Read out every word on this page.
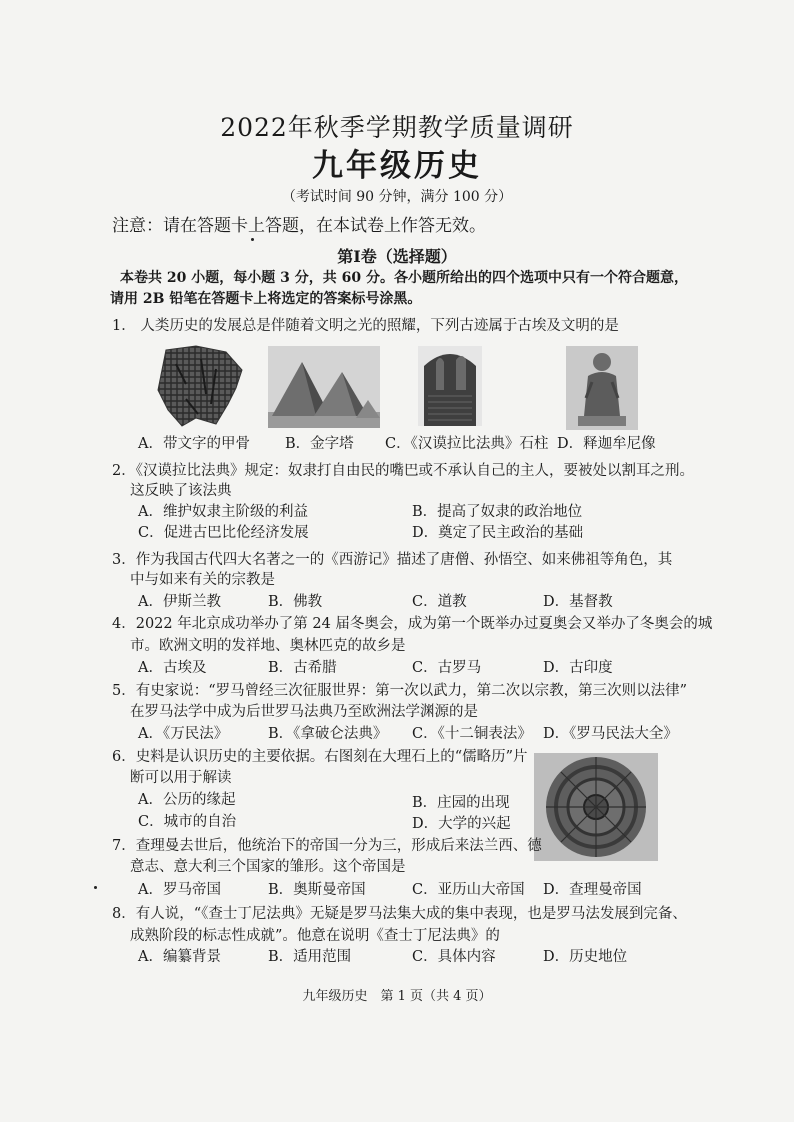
2022年秋季学期教学质量调研
九年级历史
（考试时间 90 分钟，满分 100 分）
注意：请在答题卡上答题，在本试卷上作答无效。
第Ⅰ卷（选择题）
本卷共 20 小题，每小题 3 分，共 60 分。各小题所给出的四个选项中只有一个符合题意，
请用 2B 铅笔在答题卡上将选定的答案标号涂黑。
1． 人类历史的发展总是伴随着文明之光的照耀，下列古迹属于古埃及文明的是
A．带文字的甲骨 B．金字塔 C．《汉谟拉比法典》石柱 D．释迦牟尼像
2．《汉谟拉比法典》规定：奴隶打自由民的嘴巴或不承认自己的主人，要被处以割耳之刑。
这反映了该法典
A．维护奴隶主阶级的利益	B．提高了奴隶的政治地位
C．促进古巴比伦经济发展	D．奠定了民主政治的基础
3．作为我国古代四大名著之一的《西游记》描述了唐僧、孙悟空、如来佛祖等角色，其
中与如来有关的宗教是
A．伊斯兰教	B．佛教	C．道教	D．基督教
4．2022 年北京成功举办了第 24 届冬奥会，成为第一个既举办过夏奥会又举办了冬奥会的城
市。欧洲文明的发祥地、奥林匹克的故乡是
A．古埃及	B．古希腊	C．古罗马	D．古印度
5．有史家说：“罗马曾经三次征服世界：第一次以武力，第二次以宗教，第三次则以法律”
在罗马法学中成为后世罗马法典乃至欧洲法学渊源的是
A．《万民法》	B．《拿破仑法典》 C．《十二铜表法》 D．《罗马民法大全》
6．史料是认识历史的主要依据。右图刻在大理石上的“儒略历”片
断可以用于解读
A．公历的缘起	B．庄园的出现
C．城市的自治	D．大学的兴起
7．查理曼去世后，他统治下的帝国一分为三，形成后来法兰西、德
意志、意大利三个国家的雏形。这个帝国是
A．罗马帝国	B．奥斯曼帝国	C．亚历山大帝国 D．查理曼帝国
8．有人说，“《查士丁尼法典》无疑是罗马法集大成的集中表现，也是罗马法发展到完备、
成熟阶段的标志性成就”。他意在说明《查士丁尼法典》的
A．编纂背景	B．适用范围	C．具体内容	D．历史地位
九年级历史　第 1 页（共 4 页）
